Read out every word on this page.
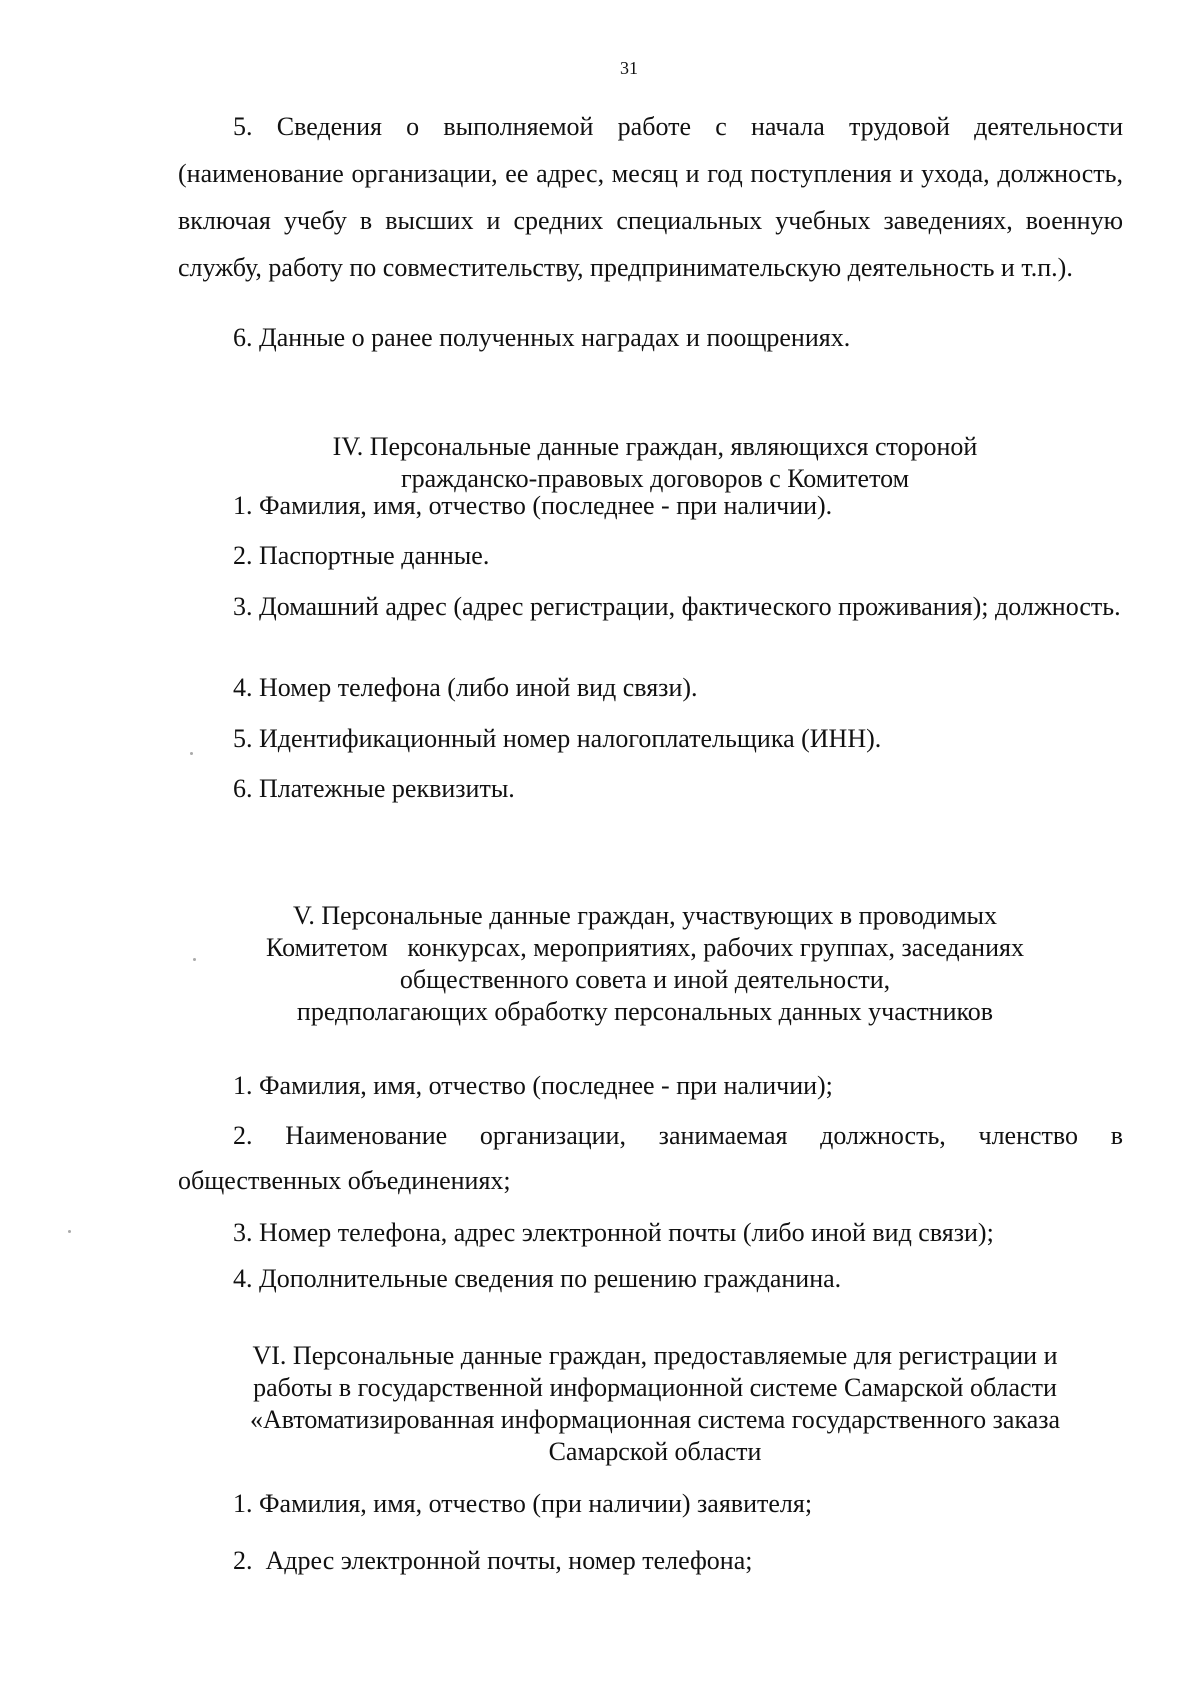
31

5. Сведения о выполняемой работе с начала трудовой деятельности (наименование организации, ее адрес, месяц и год поступления и ухода, должность, включая учебу в высших и средних специальных учебных заведениях, военную службу, работу по совместительству, предпринимательскую деятельность и т.п.).

6. Данные о ранее полученных наградах и поощрениях.

IV. Персональные данные граждан, являющихся стороной
гражданско-правовых договоров с Комитетом

1. Фамилия, имя, отчество (последнее - при наличии).

2. Паспортные данные.

3. Домашний адрес (адрес регистрации, фактического проживания); должность.

4. Номер телефона (либо иной вид связи).

5. Идентификационный номер налогоплательщика (ИНН).

6. Платежные реквизиты.

V. Персональные данные граждан, участвующих в проводимых
Комитетом   конкурсах, мероприятиях, рабочих группах, заседаниях
общественного совета и иной деятельности,
предполагающих обработку персональных данных участников

1. Фамилия, имя, отчество (последнее - при наличии);

2. Наименование организации, занимаемая должность, членство в общественных объединениях;

3. Номер телефона, адрес электронной почты (либо иной вид связи);

4. Дополнительные сведения по решению гражданина.

VI. Персональные данные граждан, предоставляемые для регистрации и
работы в государственной информационной системе Самарской области
«Автоматизированная информационная система государственного заказа
Самарской области

1. Фамилия, имя, отчество (при наличии) заявителя;

2.  Адрес электронной почты, номер телефона;
